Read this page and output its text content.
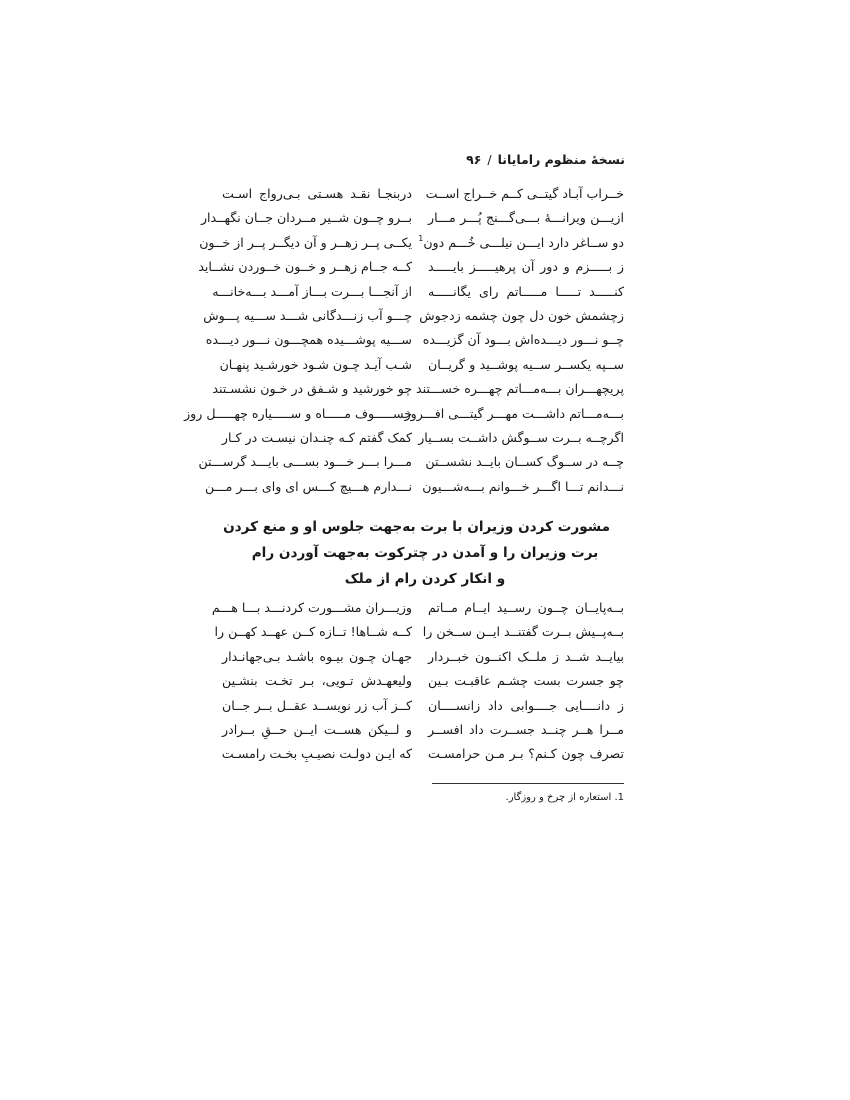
نسخهٔ منظوم رامایانا/۹۶
خــراب آبـاد گیتــی کــم خــراج اســت
ازیـــن ویرانـــهٔ بـــی‌گـــنج پُـــر مـــار
دو ســاغر دارد ایـــن نیلـــی خُـــم دون$^1$
ز بـــــزم و دور آن پرهیـــــز بایـــــد
کنـــــد تـــــا مـــــاتم رای یگانـــــه
زچشمش خون دل چون چشمه زدجوش
چــو نـــور دیـــده‌اش بـــود آن گزیـــده
ســپه یکســر ســیه پوشــید و گریــان
پریچهـــران بـــه‌مـــاتم چهـــره خســـتند
بـــه‌مـــاتم داشـــت مهـــر گیتـــی افـــروز
اگرچــه بــرت ســوگش داشــت بســیار
چــه در ســوگ کســان بایــد نشســتن
نـــدانم تـــا اگـــر خـــوانم بـــه‌شـــیون
دربنجـا نقـد هسـتی بـی‌رواج اسـت
بــرو چــون شــیر مــردان جــان نگهــدار
یکــی پــر زهــر و آن دیگــر پــر از خــون
کــه جــام زهــر و خــون خــوردن نشــاید
از آنجـــا بـــرت بـــاز آمـــد بـــه‌خانـــه
چـــو آب زنـــدگانی شـــد ســـیه پـــوش
ســـیه پوشـــیده همچـــون نـــور دیـــده
شـب آیـد چـون شـود خورشـید پنهـان
چو خورشید و شـفق در خـون نشسـتند
خســـــوف مـــــاه و ســـــیاره چهـــــل روز
کمک گفتم کـه چنـدان نیسـت در کـار
مـــرا بـــر خـــود بســـی بایـــد گرســـتن
نـــدارم هـــیچ کـــس ای وای بـــر مـــن
مشورت کردن وزیران با برت به‌جهت جلوس او و منع کردن
برت وزیران را و آمدن در چترکوت به‌جهت آوردن رام
و انکار کردن رام از ملک
بــه‌پایــان چــون رســید ایــام مــاتم
بــه‌پــیش بــرت گفتنــد ایــن ســخن را
بیایــد شــد ز ملــک اکنــون خبــردار
چو جسرت بست چشـم عاقبـت بـین
ز دانــــایی جــــوابی داد زانســــان
مــرا هــر چنــد جســرت داد افســر
تصرف چون کـنم؟ بـر مـن حرامسـت
وزیـــران مشـــورت کردنـــد بـــا هـــم
کــه شــاها! تــازه کــن عهــد کهــن را
جهـان چـون بیـوه باشـد بـی‌جهانـدار
ولیعهـدش تـویی، بـر تخـت بنشـین
کــز آب زر نویســد عقــل بــر جــان
و لــیکن هســت ایــن حــقِ بــرادر
که ایـن دولـت نصیـبِ بخـت رامسـت
1. استعاره از چرخ و روزگار.
